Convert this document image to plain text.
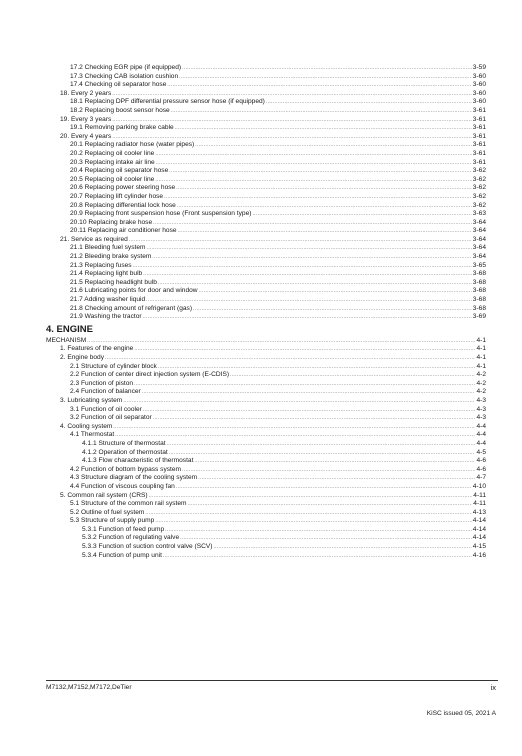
17.2 Checking EGR pipe (if equipped) .....	3-59
17.3 Checking CAB isolation cushion .....	3-60
17.4 Checking oil separator hose .....	3-60
18. Every 2 years .....	3-60
18.1 Replacing DPF differential pressure sensor hose (if equipped) .....	3-60
18.2 Replacing boost sensor hose .....	3-61
19. Every 3 years .....	3-61
19.1 Removing parking brake cable .....	3-61
20. Every 4 years .....	3-61
20.1 Replacing radiator hose (water pipes) .....	3-61
20.2 Replacing oil cooler line .....	3-61
20.3 Replacing intake air line .....	3-61
20.4 Replacing oil separator hose .....	3-62
20.5 Replacing oil cooler line .....	3-62
20.6 Replacing power steering hose .....	3-62
20.7 Replacing lift cylinder hose .....	3-62
20.8 Replacing differential lock hose .....	3-62
20.9 Replacing front suspension hose (Front suspension type) .....	3-63
20.10 Replacing brake hose .....	3-64
20.11 Replacing air conditioner hose .....	3-64
21. Service as required .....	3-64
21.1 Bleeding fuel system .....	3-64
21.2 Bleeding brake system .....	3-64
21.3 Replacing fuses .....	3-65
21.4 Replacing light bulb .....	3-68
21.5 Replacing headlight bulb .....	3-68
21.6 Lubricating points for door and window .....	3-68
21.7 Adding washer liquid .....	3-68
21.8 Checking amount of refrigerant (gas) .....	3-68
21.9 Washing the tractor .....	3-69
4. ENGINE
MECHANISM .....	4-1
1. Features of the engine .....	4-1
2. Engine body .....	4-1
2.1 Structure of cylinder block .....	4-1
2.2 Function of center direct injection system (E-CDIS) .....	4-2
2.3 Function of piston .....	4-2
2.4 Function of balancer .....	4-2
3. Lubricating system .....	4-3
3.1 Function of oil cooler .....	4-3
3.2 Function of oil separator .....	4-3
4. Cooling system .....	4-4
4.1 Thermostat .....	4-4
4.1.1 Structure of thermostat .....	4-4
4.1.2 Operation of thermostat .....	4-5
4.1.3 Flow characteristic of thermostat .....	4-6
4.2 Function of bottom bypass system .....	4-6
4.3 Structure diagram of the cooling system .....	4-7
4.4 Function of viscous coupling fan .....	4-10
5. Common rail system (CRS) .....	4-11
5.1 Structure of the common rail system .....	4-11
5.2 Outline of fuel system .....	4-13
5.3 Structure of supply pump .....	4-14
5.3.1 Function of feed pump .....	4-14
5.3.2 Function of regulating valve .....	4-14
5.3.3 Function of suction control valve (SCV) .....	4-15
5.3.4 Function of pump unit .....	4-16
M7132,M7152,M7172,DeTier	ix
KiSC issued 05, 2021 A
